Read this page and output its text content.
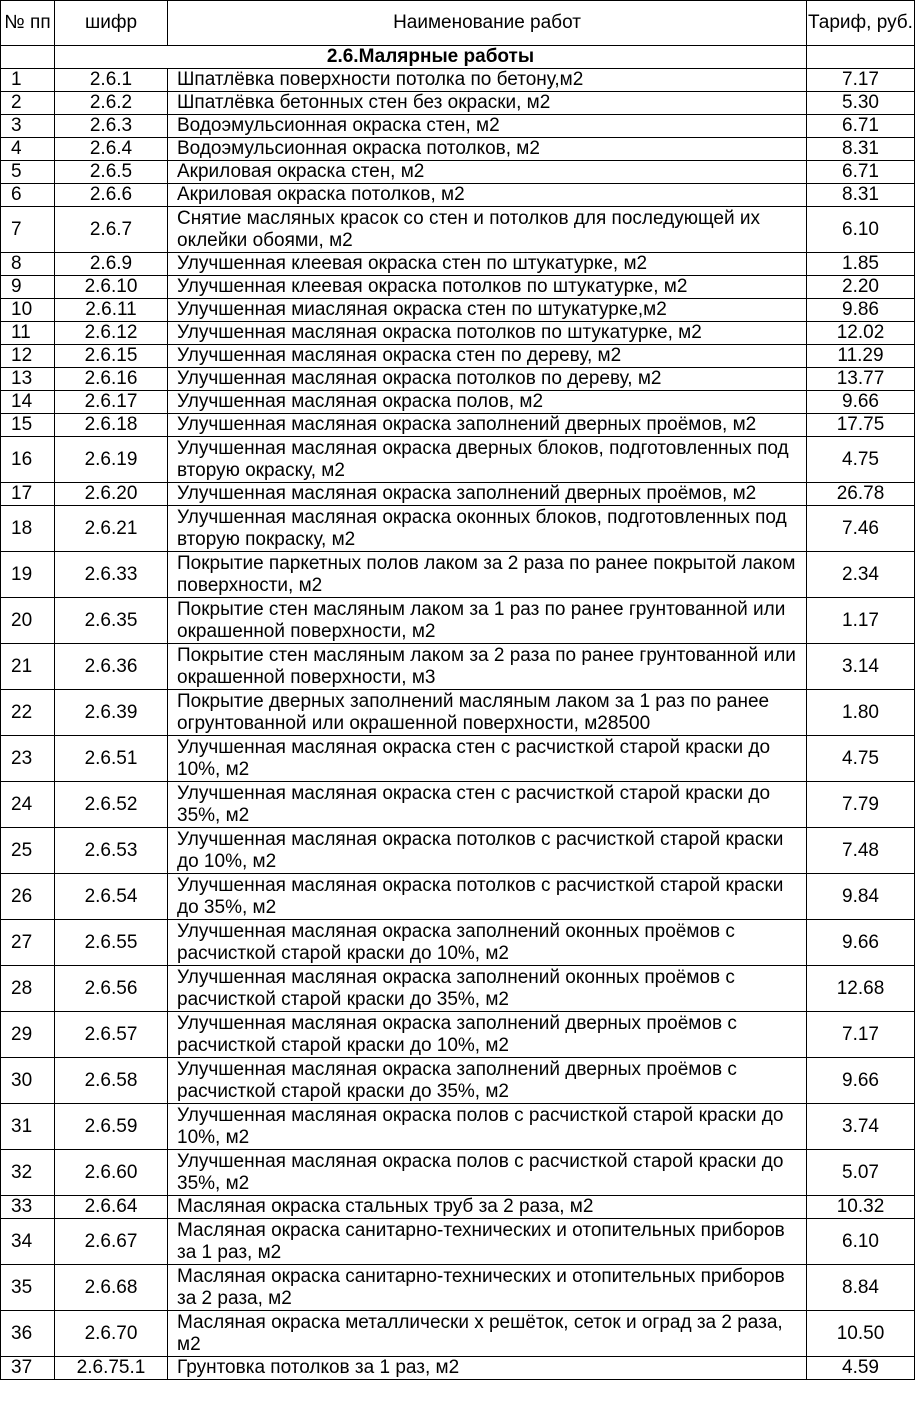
№ пп	шифр	Наименование работ	Тариф, руб.
	2.6.Малярные работы		
1	2.6.1	Шпатлёвка поверхности потолка по бетону,м2	7.17
2	2.6.2	Шпатлёвка бетонных стен без окраски, м2	5.30
3	2.6.3	Водоэмульсионная окраска стен, м2	6.71
4	2.6.4	Водоэмульсионная окраска потолков, м2	8.31
5	2.6.5	Акриловая окраска стен, м2	6.71
6	2.6.6	Акриловая окраска потолков, м2	8.31
7	2.6.7	Снятие масляных красок со стен и потолков для последующей их оклейки обоями, м2	6.10
8	2.6.9	Улучшенная клеевая окраска стен по штукатурке, м2	1.85
9	2.6.10	Улучшенная клеевая окраска потолков по штукатурке, м2	2.20
10	2.6.11	Улучшенная миасляная окраска стен по штукатурке,м2	9.86
11	2.6.12	Улучшенная масляная окраска потолков по штукатурке, м2	12.02
12	2.6.15	Улучшенная масляная окраска стен по дереву, м2	11.29
13	2.6.16	Улучшенная масляная окраска потолков по дереву, м2	13.77
14	2.6.17	Улучшенная масляная окраска полов, м2	9.66
15	2.6.18	Улучшенная масляная окраска заполнений дверных проёмов, м2	17.75
16	2.6.19	Улучшенная масляная окраска дверных блоков, подготовленных под вторую окраску, м2	4.75
17	2.6.20	Улучшенная масляная окраска заполнений дверных проёмов, м2	26.78
18	2.6.21	Улучшенная масляная окраска оконных блоков, подготовленных под вторую покраску, м2	7.46
19	2.6.33	Покрытие паркетных полов лаком за 2 раза по ранее покрытой лаком поверхности, м2	2.34
20	2.6.35	Покрытие стен масляным лаком за 1 раз по ранее грунтованной или окрашенной поверхности, м2	1.17
21	2.6.36	Покрытие стен масляным лаком за 2 раза по ранее грунтованной или окрашенной поверхности, м3	3.14
22	2.6.39	Покрытие дверных заполнений масляным лаком за 1 раз по ранее огрунтованной или окрашенной поверхности, м28500	1.80
23	2.6.51	Улучшенная масляная окраска стен с расчисткой старой краски до 10%, м2	4.75
24	2.6.52	Улучшенная масляная окраска стен с расчисткой старой краски до 35%, м2	7.79
25	2.6.53	Улучшенная масляная окраска потолков с расчисткой старой краски до 10%, м2	7.48
26	2.6.54	Улучшенная масляная окраска потолков с расчисткой старой краски до 35%, м2	9.84
27	2.6.55	Улучшенная масляная окраска заполнений оконных проёмов с расчисткой старой краски до 10%, м2	9.66
28	2.6.56	Улучшенная масляная окраска заполнений оконных проёмов с расчисткой старой краски до 35%, м2	12.68
29	2.6.57	Улучшенная масляная окраска заполнений дверных проёмов с расчисткой старой краски до 10%, м2	7.17
30	2.6.58	Улучшенная масляная окраска заполнений дверных проёмов с расчисткой старой краски до 35%, м2	9.66
31	2.6.59	Улучшенная масляная окраска полов с расчисткой старой краски до 10%, м2	3.74
32	2.6.60	Улучшенная масляная окраска полов с расчисткой старой краски до 35%, м2	5.07
33	2.6.64	Масляная окраска стальных труб за 2 раза, м2	10.32
34	2.6.67	Масляная окраска санитарно-технических и отопительных приборов за 1 раз, м2	6.10
35	2.6.68	Масляная окраска санитарно-технических и отопительных приборов за 2 раза, м2	8.84
36	2.6.70	Масляная окраска металлически х решёток, сеток и оград за 2 раза, м2	10.50
37	2.6.75.1	Грунтовка потолков за 1 раз, м2	4.59
